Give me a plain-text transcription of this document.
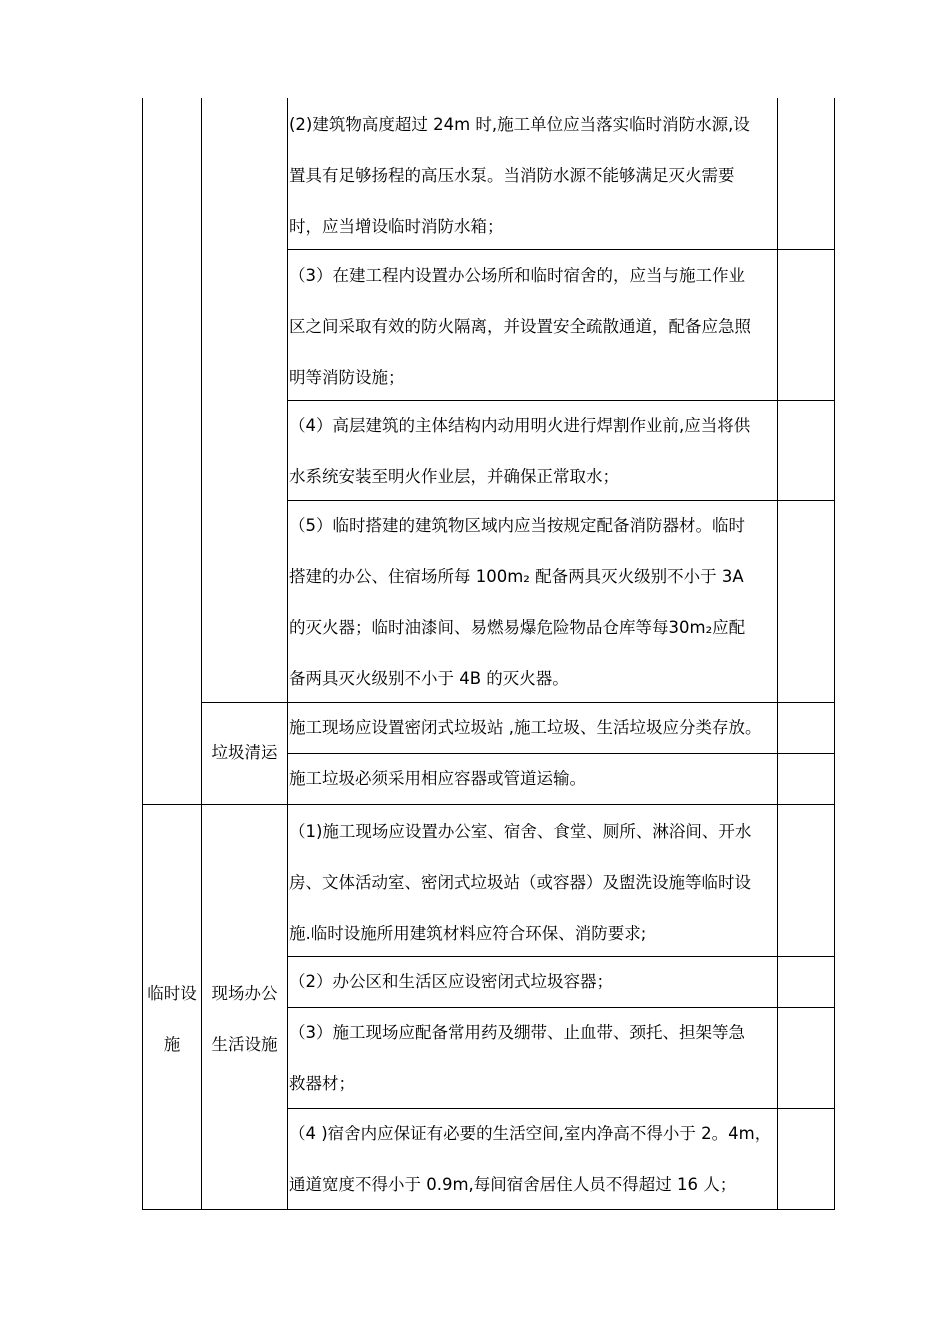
(2)建筑物高度超过 24m 时,施工单位应当落实临时消防水源,设
置具有足够扬程的高压水泵。当消防水源不能够满足灭火需要
时，应当增设临时消防水箱；
（3）在建工程内设置办公场所和临时宿舍的，应当与施工作业
区之间采取有效的防火隔离，并设置安全疏散通道，配备应急照
明等消防设施；
（4）高层建筑的主体结构内动用明火进行焊割作业前,应当将供
水系统安装至明火作业层，并确保正常取水；
（5）临时搭建的建筑物区域内应当按规定配备消防器材。临时
搭建的办公、住宿场所每 100m₂ 配备两具灭火级别不小于 3A
的灭火器；临时油漆间、易燃易爆危险物品仓库等每30m₂应配
备两具灭火级别不小于 4B 的灭火器。
施工现场应设置密闭式垃圾站 ,施工垃圾、生活垃圾应分类存放。
施工垃圾必须采用相应容器或管道运输。
垃圾清运
（1)施工现场应设置办公室、宿舍、食堂、厕所、淋浴间、开水
房、文体活动室、密闭式垃圾站（或容器）及盥洗设施等临时设
施.临时设施所用建筑材料应符合环保、消防要求;
（2）办公区和生活区应设密闭式垃圾容器；
（3）施工现场应配备常用药及绷带、止血带、颈托、担架等急
救器材；
（4 )宿舍内应保证有必要的生活空间,室内净高不得小于 2。4m，
通道宽度不得小于 0.9m,每间宿舍居住人员不得超过 16 人；
临时设
施
现场办公
生活设施
